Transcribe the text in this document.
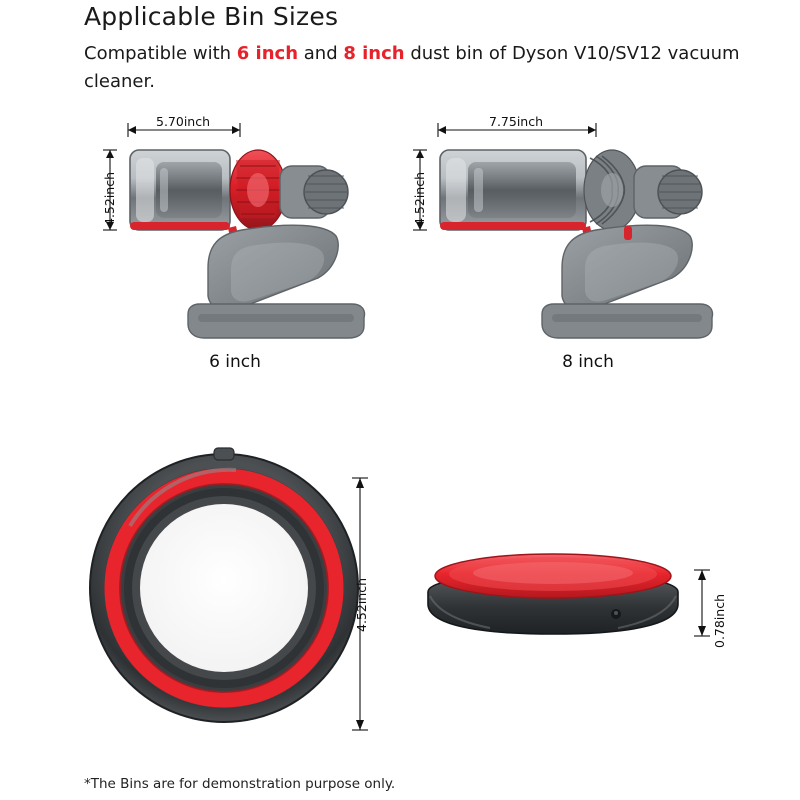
Applicable Bin Sizes
Compatible with 6 inch and 8 inch dust bin of Dyson V10/SV12 vacuum cleaner.
5.70inch
4.52inch
6 inch
7.75inch
4.52inch
8 inch
4.52inch	0.78inch
*The Bins are for demonstration purpose only.
